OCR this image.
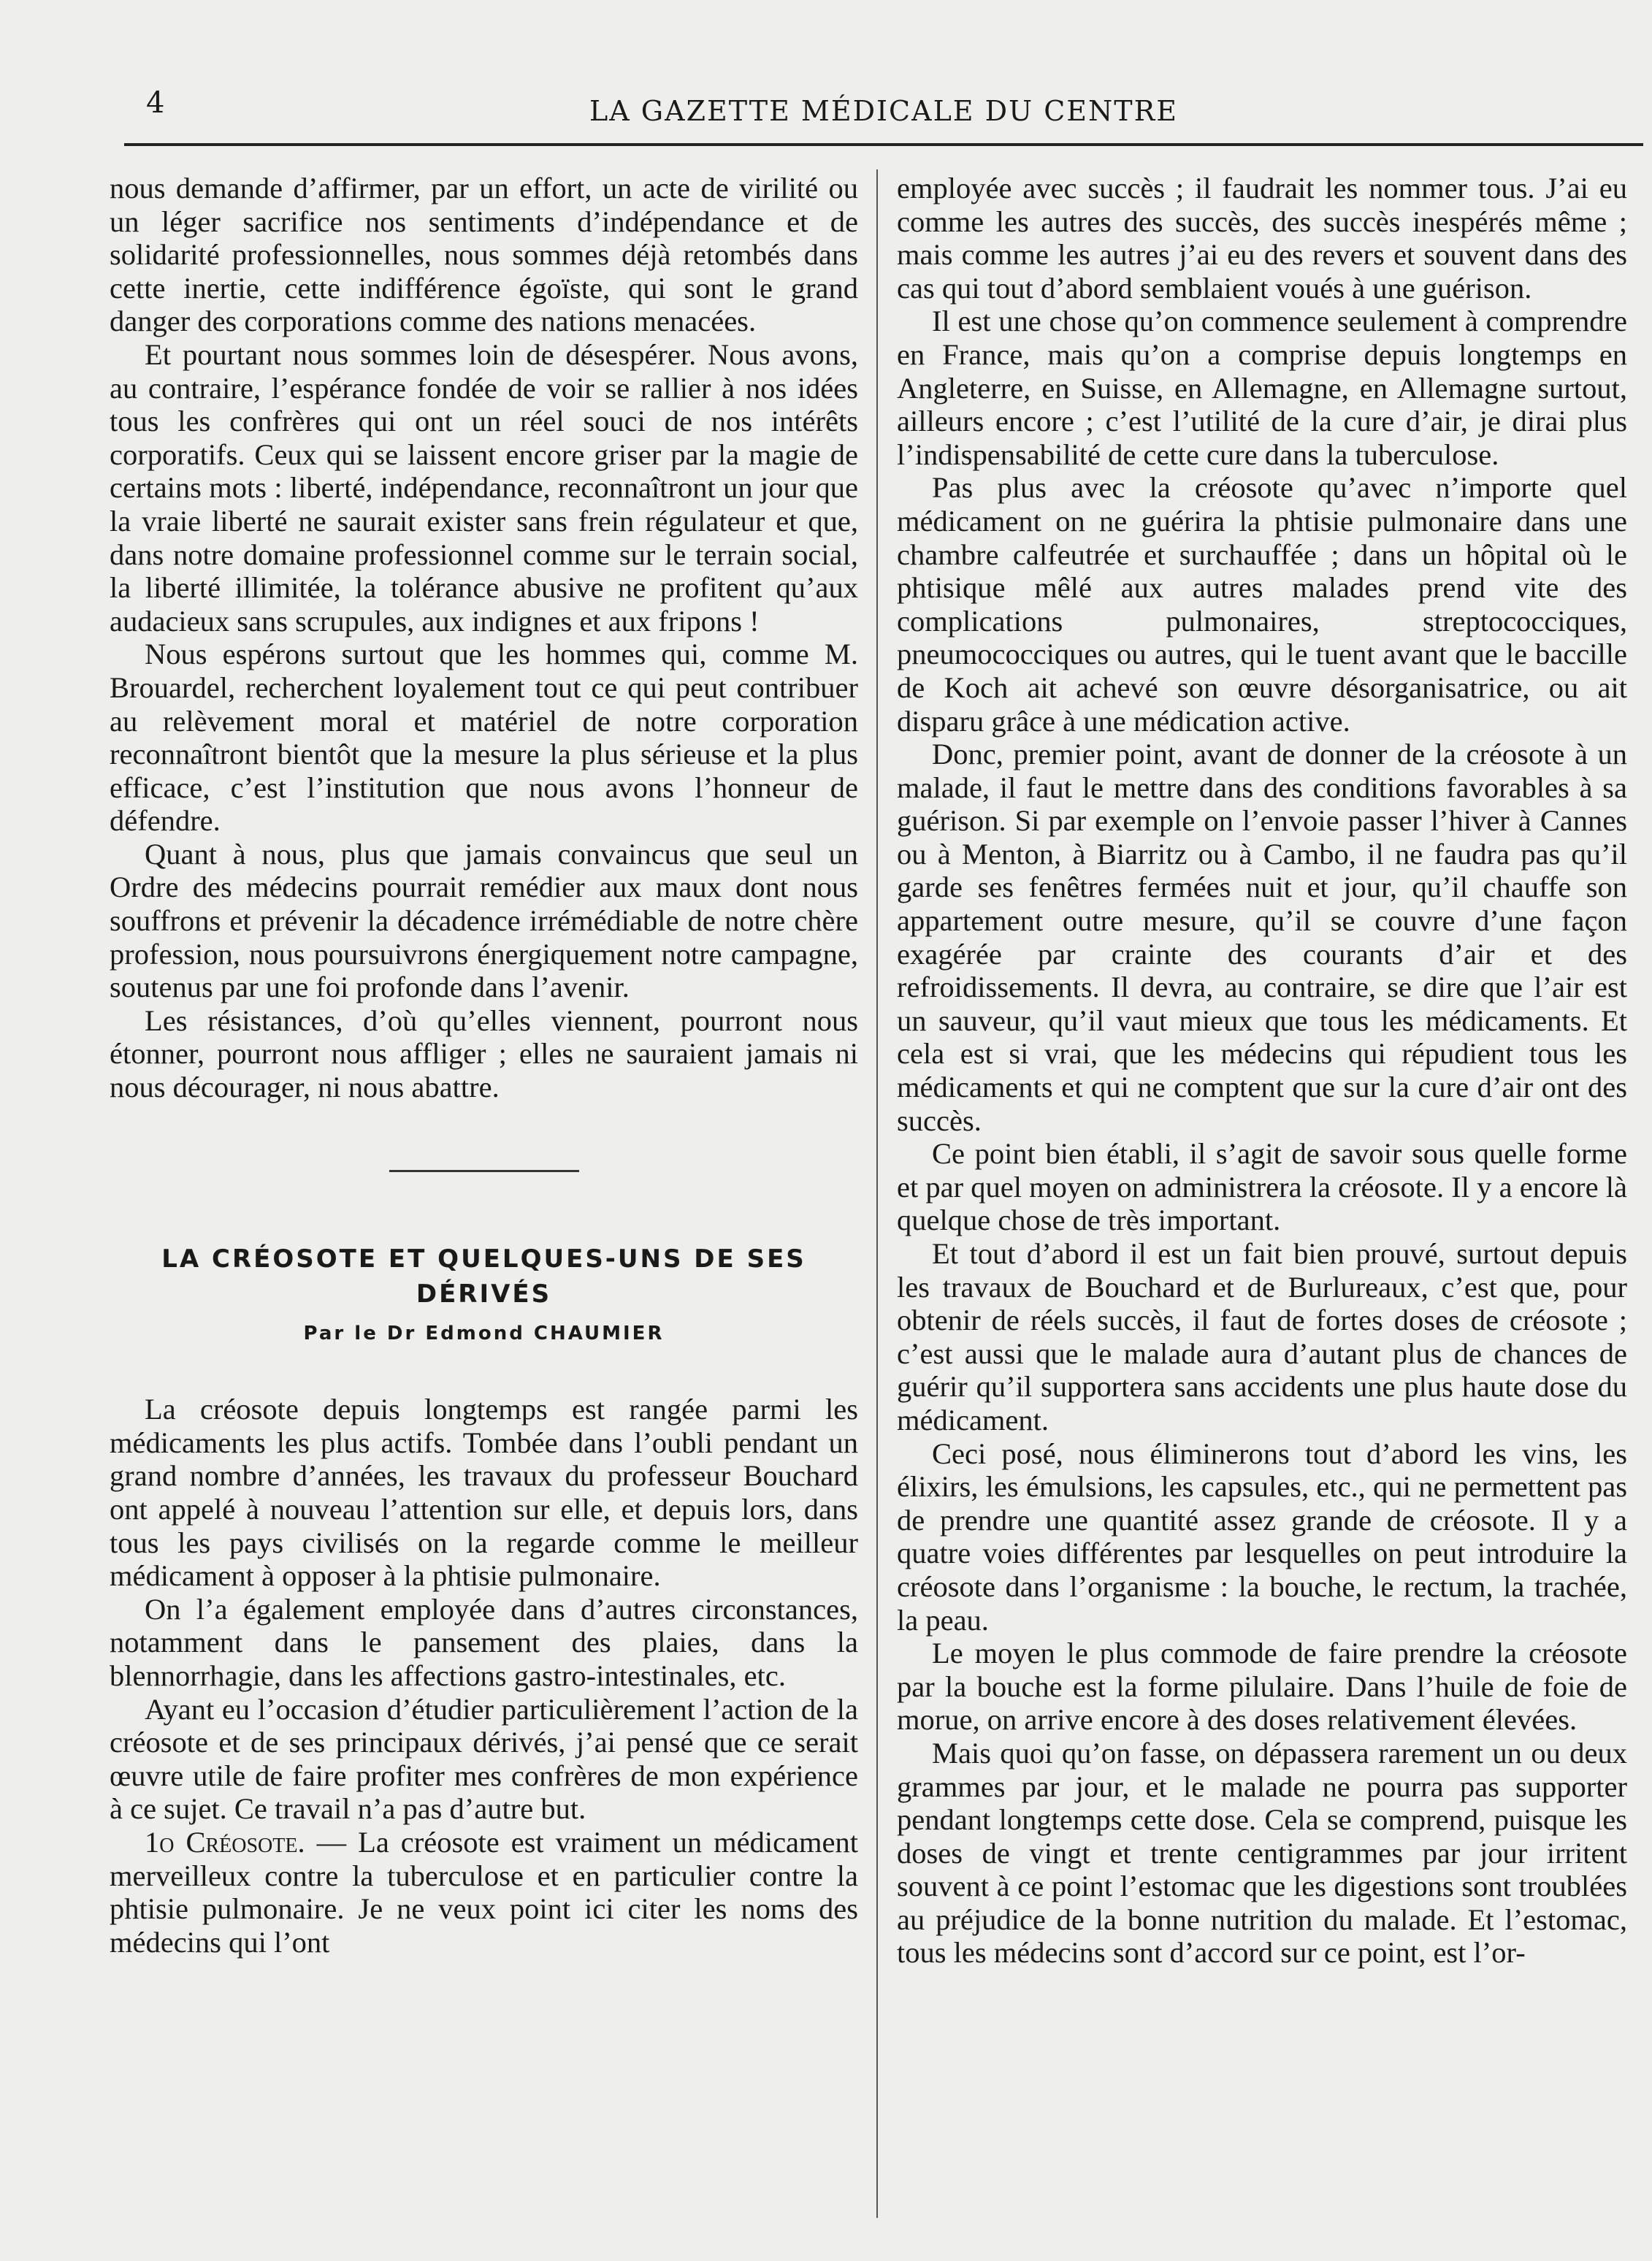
4	LA GAZETTE MÉDICALE DU CENTRE

nous demande d’affirmer, par un effort, un acte de virilité ou un léger sacrifice nos sentiments d’indépendance et de solidarité professionnelles, nous sommes déjà retombés dans cette inertie, cette indifférence égoïste, qui sont le grand danger des corporations comme des nations menacées.

Et pourtant nous sommes loin de désespérer. Nous avons, au contraire, l’espérance fondée de voir se rallier à nos idées tous les confrères qui ont un réel souci de nos intérêts corporatifs. Ceux qui se laissent encore griser par la magie de certains mots : liberté, indépendance, reconnaîtront un jour que la vraie liberté ne saurait exister sans frein régulateur et que, dans notre domaine professionnel comme sur le terrain social, la liberté illimitée, la tolérance abusive ne profitent qu’aux audacieux sans scrupules, aux indignes et aux fripons !

Nous espérons surtout que les hommes qui, comme M. Brouardel, recherchent loyalement tout ce qui peut contribuer au relèvement moral et matériel de notre corporation reconnaîtront bientôt que la mesure la plus sérieuse et la plus efficace, c’est l’institution que nous avons l’honneur de défendre.

Quant à nous, plus que jamais convaincus que seul un Ordre des médecins pourrait remédier aux maux dont nous souffrons et prévenir la décadence irrémédiable de notre chère profession, nous poursuivrons énergiquement notre campagne, soutenus par une foi profonde dans l’avenir.

Les résistances, d’où qu’elles viennent, pourront nous étonner, pourront nous affliger ; elles ne sauraient jamais ni nous décourager, ni nous abattre.

LA CRÉOSOTE ET QUELQUES-UNS DE SES DÉRIVÉS

Par le Dr Edmond CHAUMIER

La créosote depuis longtemps est rangée parmi les médicaments les plus actifs. Tombée dans l’oubli pendant un grand nombre d’années, les travaux du professeur Bouchard ont appelé à nouveau l’attention sur elle, et depuis lors, dans tous les pays civilisés on la regarde comme le meilleur médicament à opposer à la phtisie pulmonaire.

On l’a également employée dans d’autres circonstances, notamment dans le pansement des plaies, dans la blennorrhagie, dans les affections gastro-intestinales, etc.

Ayant eu l’occasion d’étudier particulièrement l’action de la créosote et de ses principaux dérivés, j’ai pensé que ce serait œuvre utile de faire profiter mes confrères de mon expérience à ce sujet. Ce travail n’a pas d’autre but.

1o Créosote. — La créosote est vraiment un médicament merveilleux contre la tuberculose et en particulier contre la phtisie pulmonaire. Je ne veux point ici citer les noms des médecins qui l’ont

employée avec succès ; il faudrait les nommer tous. J’ai eu comme les autres des succès, des succès inespérés même ; mais comme les autres j’ai eu des revers et souvent dans des cas qui tout d’abord semblaient voués à une guérison.

Il est une chose qu’on commence seulement à comprendre en France, mais qu’on a comprise depuis longtemps en Angleterre, en Suisse, en Allemagne, en Allemagne surtout, ailleurs encore ; c’est l’utilité de la cure d’air, je dirai plus l’indispensabilité de cette cure dans la tuberculose.

Pas plus avec la créosote qu’avec n’importe quel médicament on ne guérira la phtisie pulmonaire dans une chambre calfeutrée et surchauffée ; dans un hôpital où le phtisique mêlé aux autres malades prend vite des complications pulmonaires, streptococciques, pneumococciques ou autres, qui le tuent avant que le baccille de Koch ait achevé son œuvre désorganisatrice, ou ait disparu grâce à une médication active.

Donc, premier point, avant de donner de la créosote à un malade, il faut le mettre dans des conditions favorables à sa guérison. Si par exemple on l’envoie passer l’hiver à Cannes ou à Menton, à Biarritz ou à Cambo, il ne faudra pas qu’il garde ses fenêtres fermées nuit et jour, qu’il chauffe son appartement outre mesure, qu’il se couvre d’une façon exagérée par crainte des courants d’air et des refroidissements. Il devra, au contraire, se dire que l’air est un sauveur, qu’il vaut mieux que tous les médicaments. Et cela est si vrai, que les médecins qui répudient tous les médicaments et qui ne comptent que sur la cure d’air ont des succès.

Ce point bien établi, il s’agit de savoir sous quelle forme et par quel moyen on administrera la créosote. Il y a encore là quelque chose de très important.

Et tout d’abord il est un fait bien prouvé, surtout depuis les travaux de Bouchard et de Burlureaux, c’est que, pour obtenir de réels succès, il faut de fortes doses de créosote ; c’est aussi que le malade aura d’autant plus de chances de guérir qu’il supportera sans accidents une plus haute dose du médicament.

Ceci posé, nous éliminerons tout d’abord les vins, les élixirs, les émulsions, les capsules, etc., qui ne permettent pas de prendre une quantité assez grande de créosote. Il y a quatre voies différentes par lesquelles on peut introduire la créosote dans l’organisme : la bouche, le rectum, la trachée, la peau.

Le moyen le plus commode de faire prendre la créosote par la bouche est la forme pilulaire. Dans l’huile de foie de morue, on arrive encore à des doses relativement élevées.

Mais quoi qu’on fasse, on dépassera rarement un ou deux grammes par jour, et le malade ne pourra pas supporter pendant longtemps cette dose. Cela se comprend, puisque les doses de vingt et trente centigrammes par jour irritent souvent à ce point l’estomac que les digestions sont troublées au préjudice de la bonne nutrition du malade. Et l’estomac, tous les médecins sont d’accord sur ce point, est l’or-
